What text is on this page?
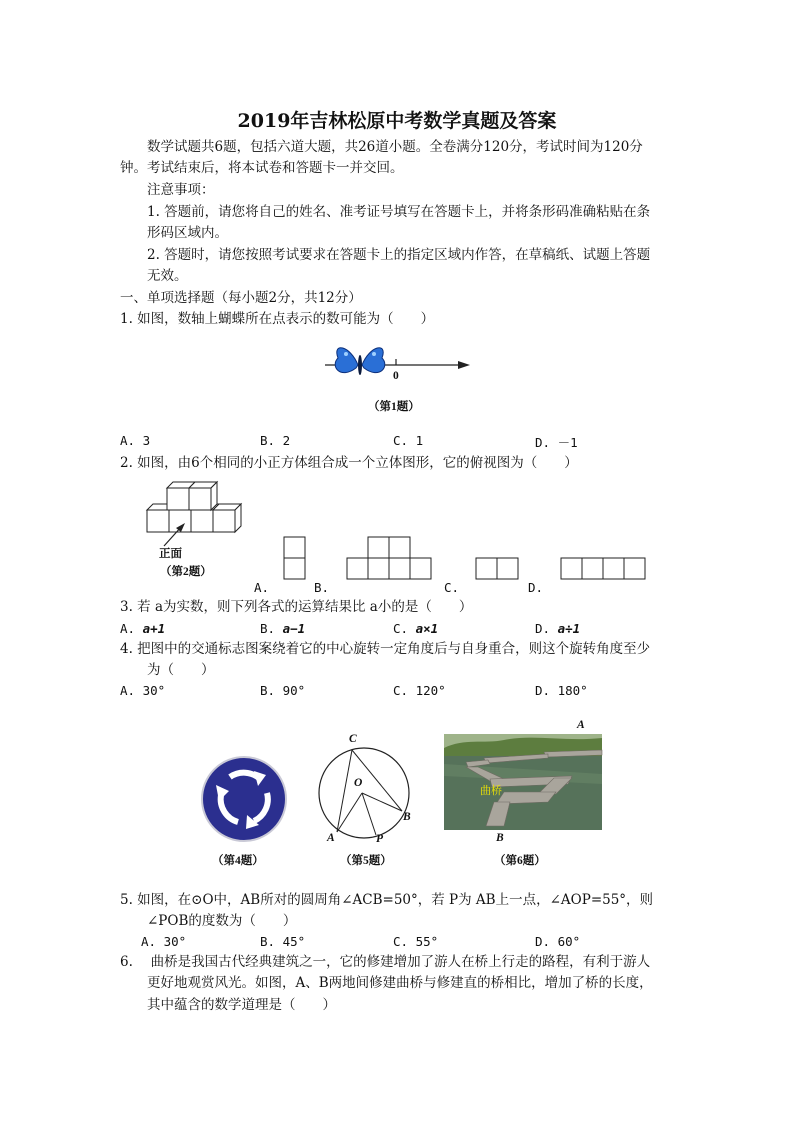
2019年吉林松原中考数学真题及答案
数学试题共6题，包括六道大题，共26道小题。全卷满分120分，考试时间为120分
钟。考试结束后，将本试卷和答题卡一并交回。
注意事项：
1. 答题前，请您将自己的姓名、准考证号填写在答题卡上，并将条形码准确粘贴在条
形码区域内。
2. 答题时，请您按照考试要求在答题卡上的指定区域内作答，在草稿纸、试题上答题
无效。
一、单项选择题（每小题2分，共12分）
1. 如图，数轴上蝴蝶所在点表示的数可能为（　　）
0
（第1题）
A. 3	B. 2	C. 1	D. －1
2. 如图，由6个相同的小正方体组合成一个立体图形，它的俯视图为（　　）
正面
（第2题）
A.	B.	C.	D.
3. 若 a为实数，则下列各式的运算结果比 a小的是（　　）
A. a+1	B. a−1	C. a×1	D. a÷1
4. 把图中的交通标志图案绕着它的中心旋转一定角度后与自身重合，则这个旋转角度至少
为（　　）
A. 30°	B. 90°	C. 120°	D. 180°
（第4题）
C
O
A	P
B
（第5题）
曲桥
A
B
（第6题）
5. 如图，在⊙O中，AB所对的圆周角∠ACB=50°，若 P为 AB上一点，∠AOP=55°，则
∠POB的度数为（　　）
A. 30°	B. 45°	C. 55°	D. 60°
6.　 曲桥是我国古代经典建筑之一，它的修建增加了游人在桥上行走的路程，有利于游人
更好地观赏风光。如图，A、B两地间修建曲桥与修建直的桥相比，增加了桥的长度，
其中蕴含的数学道理是（　　）
